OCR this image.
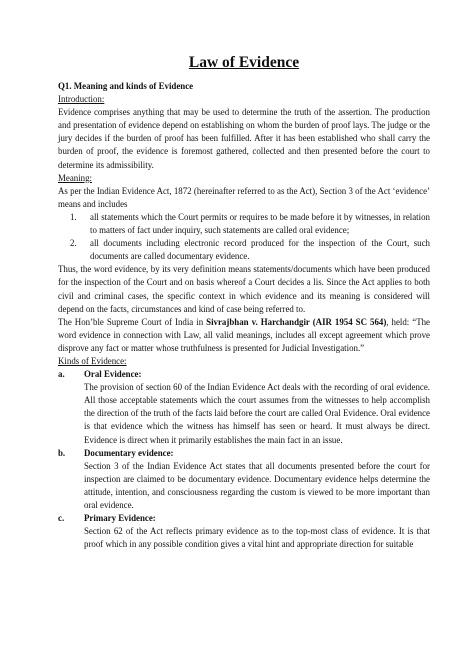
Law of Evidence

Q1. Meaning and kinds of Evidence

Introduction:

Evidence comprises anything that may be used to determine the truth of the assertion. The production and presentation of evidence depend on establishing on whom the burden of proof lays. The judge or the jury decides if the burden of proof has been fulfilled. After it has been established who shall carry the burden of proof, the evidence is foremost gathered, collected and then presented before the court to determine its admissibility.

Meaning:

As per the Indian Evidence Act, 1872 (hereinafter referred to as the Act), Section 3 of the Act ‘evidence’ means and includes

1.	all statements which the Court permits or requires to be made before it by witnesses, in relation to matters of fact under inquiry, such statements are called oral evidence;
2.	all documents including electronic record produced for the inspection of the Court, such documents are called documentary evidence.

Thus, the word evidence, by its very definition means statements/documents which have been produced for the inspection of the Court and on basis whereof a Court decides a lis. Since the Act applies to both civil and criminal cases, the specific context in which evidence and its meaning is considered will depend on the facts, circumstances and kind of case being referred to.

The Hon’ble Supreme Court of India in Sivrajbhan v. Harchandgir (AIR 1954 SC 564), held: “The word evidence in connection with Law, all valid meanings, includes all except agreement which prove disprove any fact or matter whose truthfulness is presented for Judicial Investigation.”

Kinds of Evidence:

a.	Oral Evidence:

The provision of section 60 of the Indian Evidence Act deals with the recording of oral evidence. All those acceptable statements which the court assumes from the witnesses to help accomplish the direction of the truth of the facts laid before the court are called Oral Evidence. Oral evidence is that evidence which the witness has himself has seen or heard. It must always be direct. Evidence is direct when it primarily establishes the main fact in an issue.

b.	Documentary evidence:

Section 3 of the Indian Evidence Act states that all documents presented before the court for inspection are claimed to be documentary evidence. Documentary evidence helps determine the attitude, intention, and consciousness regarding the custom is viewed to be more important than oral evidence.

c.	Primary Evidence:

Section 62 of the Act reflects primary evidence as to the top-most class of evidence. It is that proof which in any possible condition gives a vital hint and appropriate direction for suitable
